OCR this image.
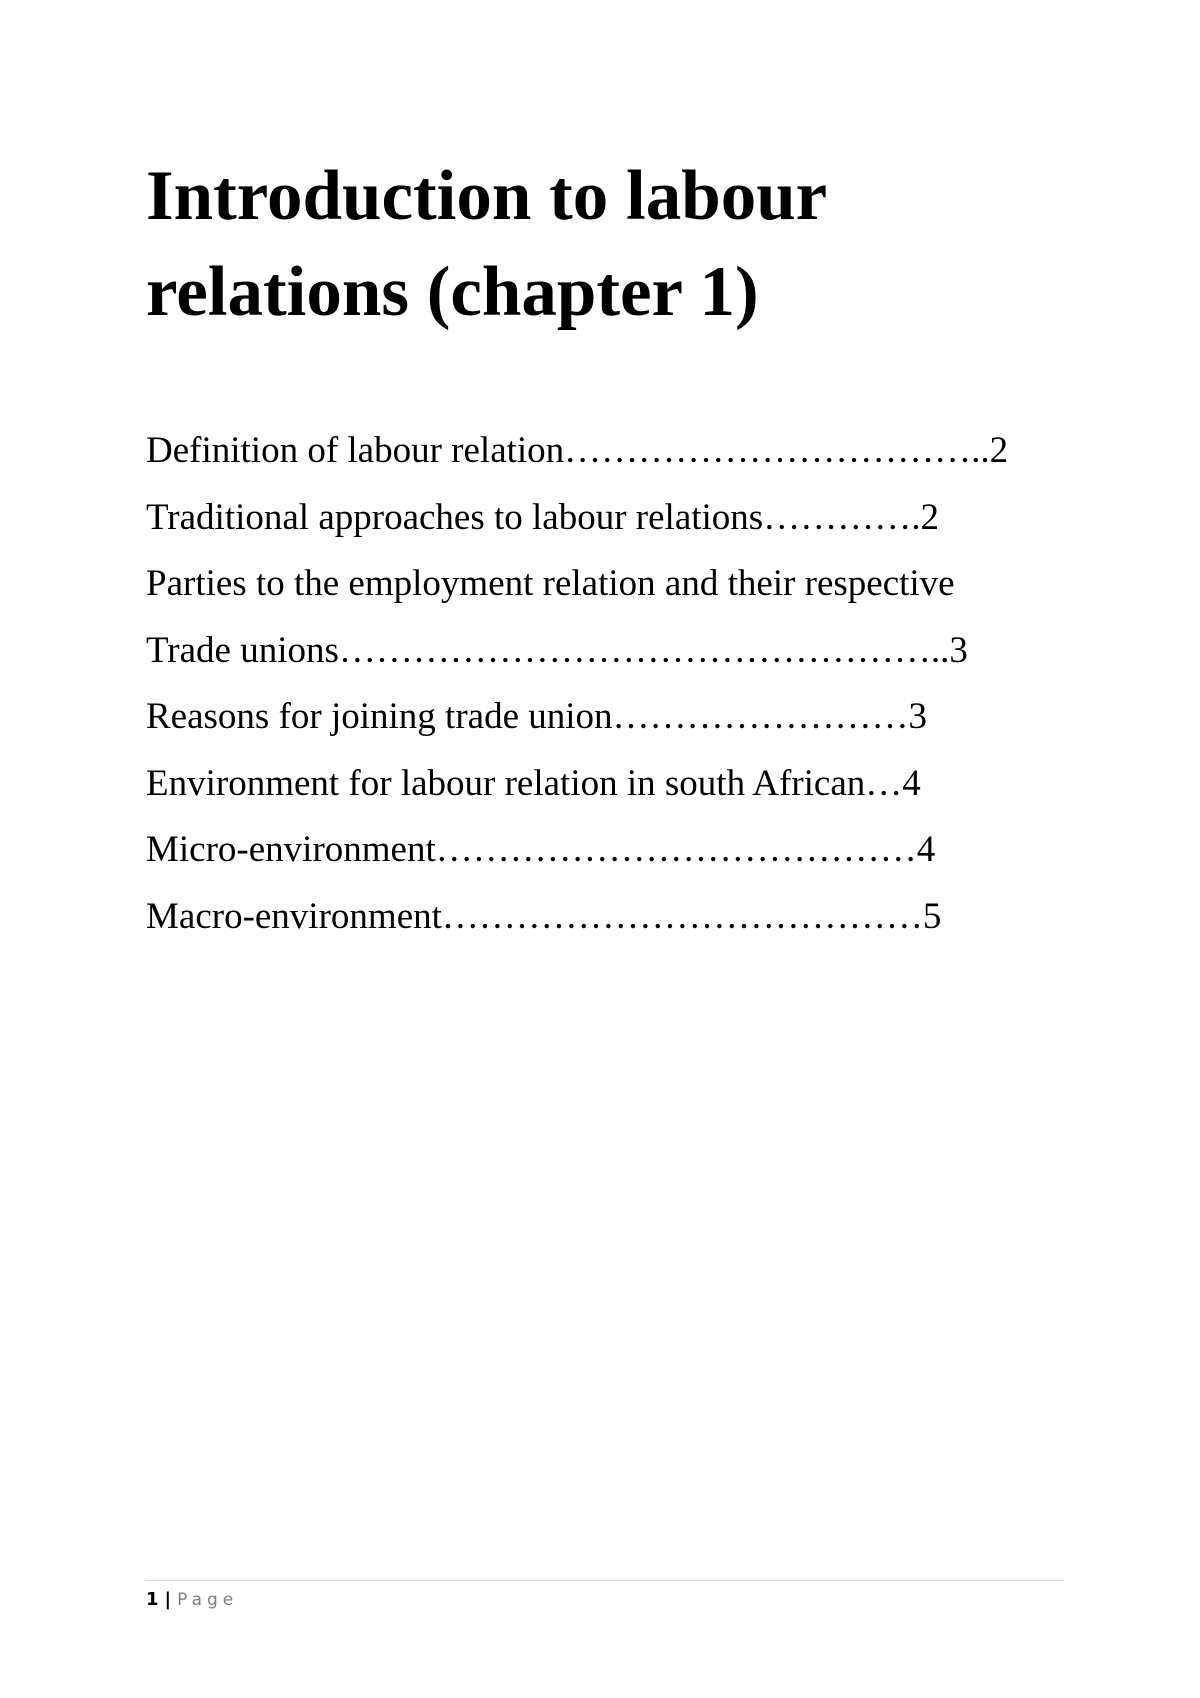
Introduction to labour
relations (chapter 1)
Definition of labour relation……………………………..2
Traditional approaches to labour relations………….2
Parties to the employment relation and their respective
Trade unions…………………………………………..3
Reasons for joining trade union……………………3
Environment for labour relation in south African…4
Micro-environment…………………………………4
Macro-environment…………………………………5
1 | Page
